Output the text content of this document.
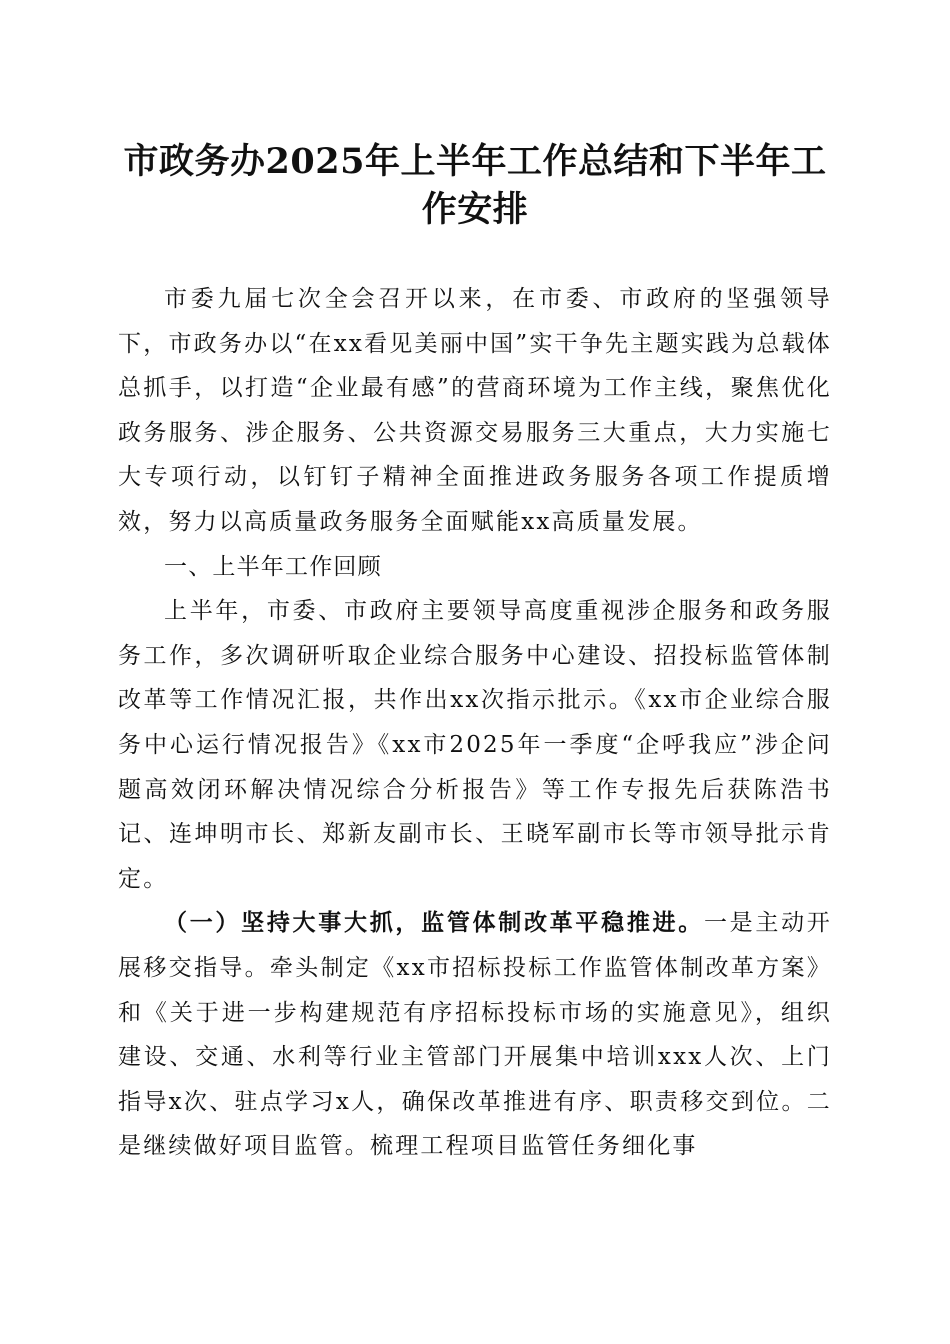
市政务办2025年上半年工作总结和下半年工作安排

市委九届七次全会召开以来，在市委、市政府的坚强领导下，市政务办以“在xx看见美丽中国”实干争先主题实践为总载体总抓手，以打造“企业最有感”的营商环境为工作主线，聚焦优化政务服务、涉企服务、公共资源交易服务三大重点，大力实施七大专项行动，以钉钉子精神全面推进政务服务各项工作提质增效，努力以高质量政务服务全面赋能xx高质量发展。

一、上半年工作回顾

上半年，市委、市政府主要领导高度重视涉企服务和政务服务工作，多次调研听取企业综合服务中心建设、招投标监管体制改革等工作情况汇报，共作出xx次指示批示。《xx市企业综合服务中心运行情况报告》《xx市2025年一季度“企呼我应”涉企问题高效闭环解决情况综合分析报告》等工作专报先后获陈浩书记、连坤明市长、郑新友副市长、王晓军副市长等市领导批示肯定。

（一）坚持大事大抓，监管体制改革平稳推进。一是主动开展移交指导。牵头制定《xx市招标投标工作监管体制改革方案》和《关于进一步构建规范有序招标投标市场的实施意见》，组织建设、交通、水利等行业主管部门开展集中培训xxx人次、上门指导x次、驻点学习x人，确保改革推进有序、职责移交到位。二是继续做好项目监管。梳理工程项目监管任务细化事
